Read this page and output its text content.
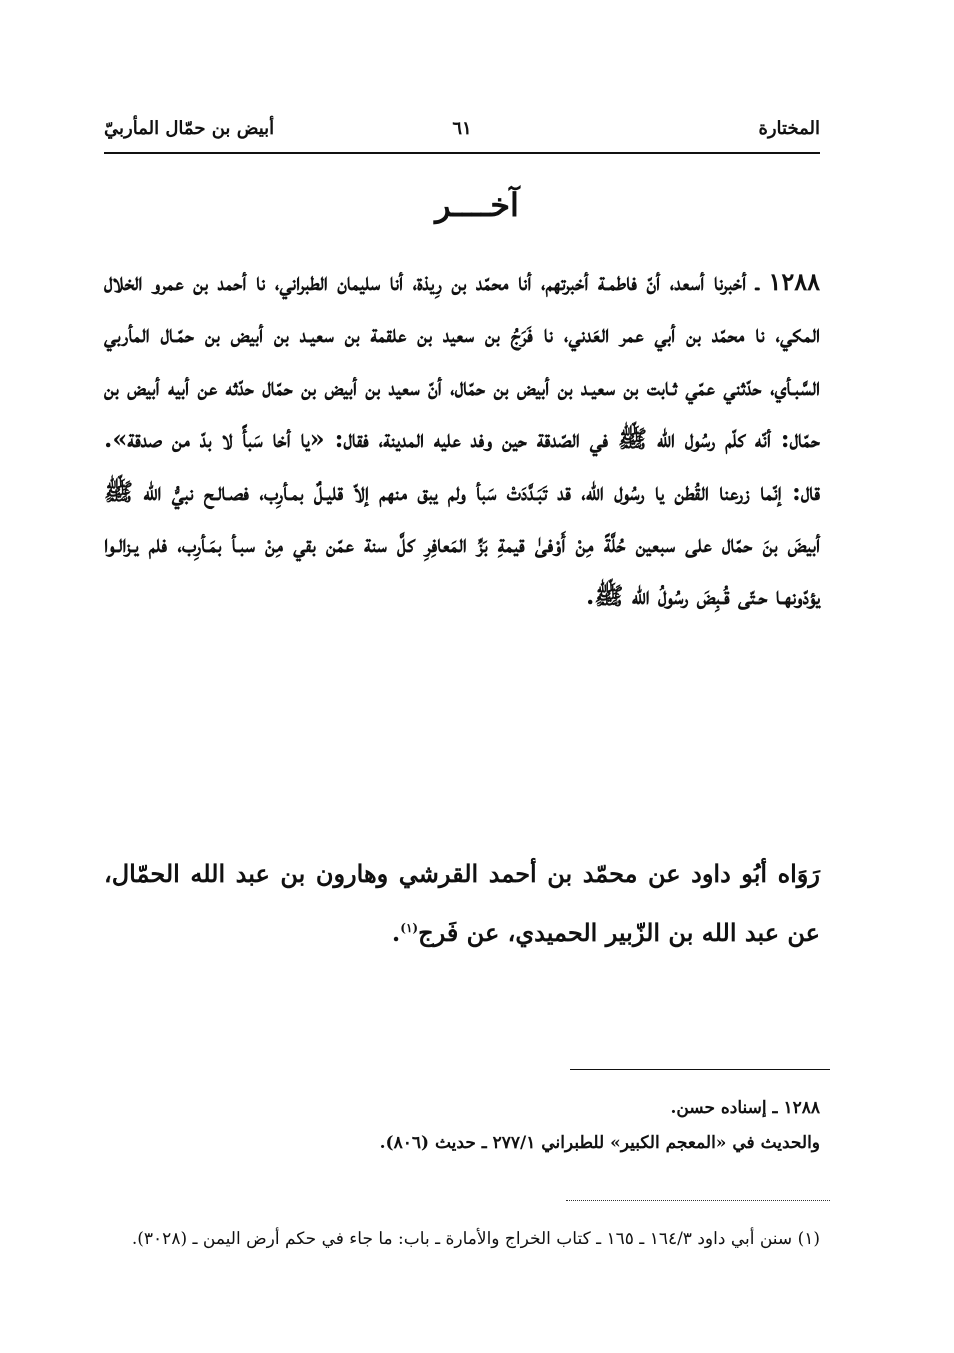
المختارة
٦١
أبيض بن حمّال المأربيّ
آخــــر

١٢٨٨ ـ أخبرنا أسعد، أنّ فاطمـة أخبرتهم، أنا محمّد بن رِيذة، أنا سليمان الطبراني، نا أحمد بن عمرو الخلال المكي، نا محمّد بن أبي عمر العَدني، نا فَرَجُ بن سعيد بن علقمة بن سعيـد بن أبيض بن حمّـال المأربي السَّبـأي، حدّثني عمّي ثـابت بن سعيـد بن أبيض بن حمّال، أنّ سعيد بن أبيض بن حمّال حدّثه عن أبيه أبيض بن حمّال: أنّه كلّم رسُول الله ﷺ في الصّدقة حين وفد عليه المدينة، فقال: «يا أخا سَبأً لا بدّ من صدقة». قال: إنّما زرعنا القُطن يا رسُول الله، قد تَبَـدَّدَتْ سَبأ ولم يبق منهم إلاّ قليـلٌ بمـأرِب، فصـالـح نبيُّ الله ﷺ أبيضَ بنَ حمّال على سبعين حُلَّةً مِنْ أَوْفىٰ قيمةِ بَزِّ المَعافِرِ كلَّ سنة عمّن بقي مِنْ سبـأ بمَـأرِب، فلم يـزالـوا يؤدّونهـا حـتّى قُـبِضَ رسُولُ الله ﷺ.

رَوَاه أبُو داود عن محمّد بن أحمد القرشي وهارون بن عبد الله الحمّال، عن عبد الله بن الزّبير الحميدي، عن فَرج$^{(١)}$.

١٢٨٨ ـ إسناده حسن.

والحديث في «المعجم الكبير» للطبراني ٢٧٧/١ ـ حديث (٨٠٦).

(١) سنن أبي داود ١٦٤/٣ ـ ١٦٥ ـ كتاب الخراج والأمارة ـ باب: ما جاء في حكم أرض اليمن ـ (٣٠٢٨).
